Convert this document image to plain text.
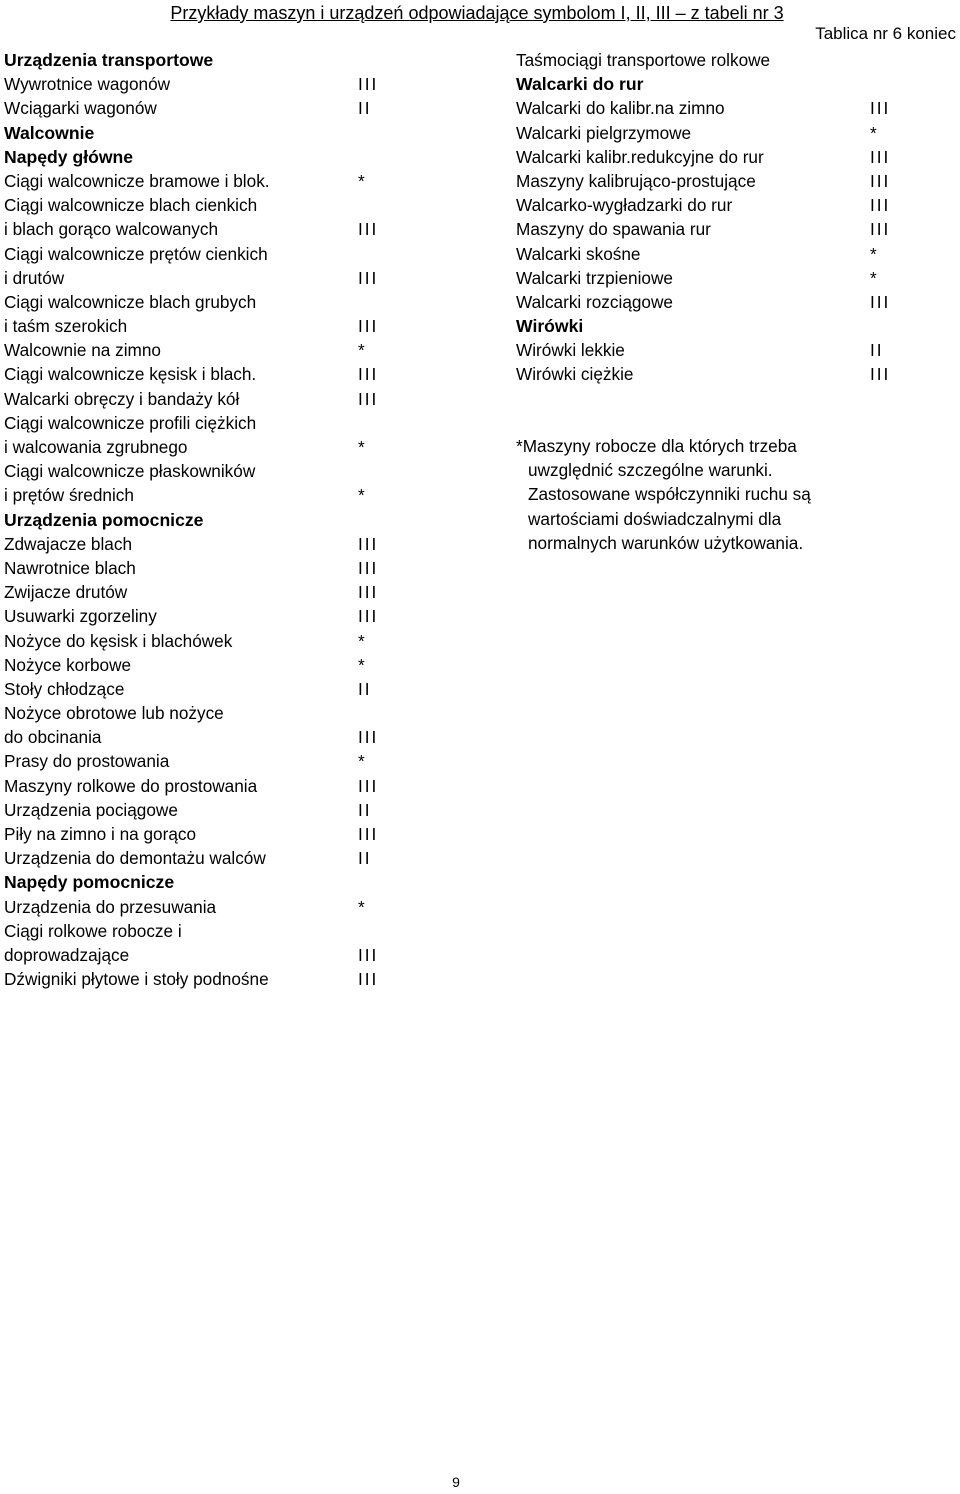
Przykłady maszyn i urządzeń odpowiadające symbolom I, II, III – z tabeli nr 3
Tablica nr 6 koniec
Urządzenia transportowe
Wywrotnice wagonów	III
Wciągarki wagonów	II
Walcownie
Napędy główne
Ciągi walcownicze bramowe i blok.	*
Ciągi walcownicze blach cienkich
i blach gorąco walcowanych	III
Ciągi walcownicze prętów cienkich
i drutów	III
Ciągi walcownicze blach grubych
i taśm szerokich	III
Walcownie na zimno	*
Ciągi walcownicze kęsisk i blach.	III
Walcarki obręczy i bandaży kół	III
Ciągi walcownicze profili ciężkich
i walcowania zgrubnego	*
Ciągi walcownicze płaskowników
i prętów średnich	*
Urządzenia pomocnicze
Zdwajacze blach	III
Nawrotnice blach	III
Zwijacze drutów	III
Usuwarki zgorzeliny	III
Nożyce do kęsisk i blachówek	*
Nożyce korbowe	*
Stoły chłodzące	II
Nożyce obrotowe lub nożyce
do obcinania	III
Prasy do prostowania	*
Maszyny rolkowe do prostowania	III
Urządzenia pociągowe	II
Piły na zimno i na gorąco	III
Urządzenia do demontażu walców	II
Napędy pomocnicze
Urządzenia do przesuwania	*
Ciągi rolkowe robocze i
doprowadzające	III
Dźwigniki płytowe i stoły podnośne	III
Taśmociągi transportowe rolkowe
Walcarki do rur
Walcarki do kalibr.na zimno	III
Walcarki pielgrzymowe	*
Walcarki kalibr.redukcyjne do rur	III
Maszyny kalibrująco-prostujące	III
Walcarko-wygładzarki do rur	III
Maszyny do spawania rur	III
Walcarki skośne	*
Walcarki trzpieniowe	*
Walcarki rozciągowe	III
Wirówki
Wirówki lekkie	II
Wirówki ciężkie	III
*Maszyny robocze dla których trzeba
uwzględnić szczególne warunki.
Zastosowane współczynniki ruchu są
wartościami doświadczalnymi dla
normalnych warunków użytkowania.
9
